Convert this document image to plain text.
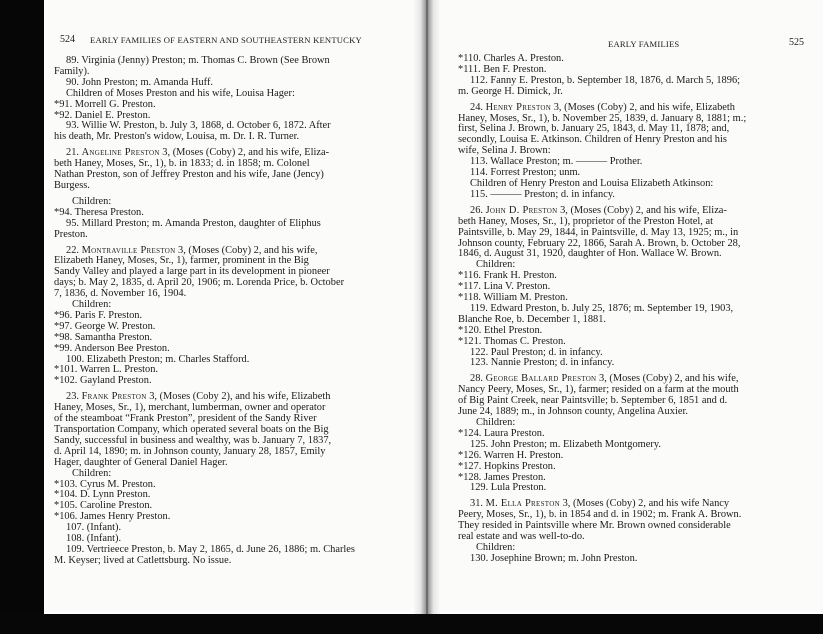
524 EARLY FAMILIES OF EASTERN AND SOUTHEASTERN KENTUCKY

89. Virginia (Jenny) Preston; m. Thomas C. Brown (See Brown

Family).

90. John Preston; m. Amanda Huff.

Children of Moses Preston and his wife, Louisa Hager:

*91. Morrell G. Preston.

*92. Daniel E. Preston.

93. Willie W. Preston, b. July 3, 1868, d. October 6, 1872. After

his death, Mr. Preston's widow, Louisa, m. Dr. I. R. Turner.

21. Angeline Preston 3, (Moses (Coby) 2, and his wife, Eliza-

beth Haney, Moses, Sr., 1), b. in 1833; d. in 1858; m. Colonel

Nathan Preston, son of Jeffrey Preston and his wife, Jane (Jency)

Burgess.

Children:

*94. Theresa Preston.

95. Millard Preston; m. Amanda Preston, daughter of Eliphus

Preston.

22. Montraville Preston 3, (Moses (Coby) 2, and his wife,

Elizabeth Haney, Moses, Sr., 1), farmer, prominent in the Big

Sandy Valley and played a large part in its development in pioneer

days; b. May 2, 1835, d. April 20, 1906; m. Lorenda Price, b. October

7, 1836, d. November 16, 1904.

Children:

*96. Paris F. Preston.

*97. George W. Preston.

*98. Samantha Preston.

*99. Anderson Bee Preston.

100. Elizabeth Preston; m. Charles Stafford.

*101. Warren L. Preston.

*102. Gayland Preston.

23. Frank Preston 3, (Moses (Coby 2), and his wife, Elizabeth

Haney, Moses, Sr., 1), merchant, lumberman, owner and operator

of the steamboat “Frank Preston”, president of the Sandy River

Transportation Company, which operated several boats on the Big

Sandy, successful in business and wealthy, was b. January 7, 1837,

d. April 14, 1890; m. in Johnson county, January 28, 1857, Emily

Hager, daughter of General Daniel Hager.

Children:

*103. Cyrus M. Preston.

*104. D. Lynn Preston.

*105. Caroline Preston.

*106. James Henry Preston.

107. (Infant).

108. (Infant).

109. Vertrieece Preston, b. May 2, 1865, d. June 26, 1886; m. Charles

M. Keyser; lived at Catlettsburg. No issue.

EARLY FAMILIES	525

*110. Charles A. Preston.

*111. Ben F. Preston.

112. Fanny E. Preston, b. September 18, 1876, d. March 5, 1896;

m. George H. Dimick, Jr.

24. Henry Preston 3, (Moses (Coby) 2, and his wife, Elizabeth

Haney, Moses, Sr., 1), b. November 25, 1839, d. January 8, 1881; m.;

first, Selina J. Brown, b. January 25, 1843, d. May 11, 1878; and,

secondly, Louisa E. Atkinson. Children of Henry Preston and his

wife, Selina J. Brown:

113. Wallace Preston; m. ——— Prother.

114. Forrest Preston; unm.

Children of Henry Preston and Louisa Elizabeth Atkinson:

115. ——— Preston; d. in infancy.

26. John D. Preston 3, (Moses (Coby) 2, and his wife, Eliza-

beth Haney, Moses, Sr., 1), proprietor of the Preston Hotel, at

Paintsville, b. May 29, 1844, in Paintsville, d. May 13, 1925; m., in

Johnson county, February 22, 1866, Sarah A. Brown, b. October 28,

1846, d. August 31, 1920, daughter of Hon. Wallace W. Brown.

Children:

*116. Frank H. Preston.

*117. Lina V. Preston.

*118. William M. Preston.

119. Edward Preston, b. July 25, 1876; m. September 19, 1903,

Blanche Roe, b. December 1, 1881.

*120. Ethel Preston.

*121. Thomas C. Preston.

122. Paul Preston; d. in infancy.

123. Nannie Preston; d. in infancy.

28. George Ballard Preston 3, (Moses (Coby) 2, and his wife,

Nancy Peery, Moses, Sr., 1), farmer; resided on a farm at the mouth

of Big Paint Creek, near Paintsville; b. September 6, 1851 and d.

June 24, 1889; m., in Johnson county, Angelina Auxier.

Children:

*124. Laura Preston.

125. John Preston; m. Elizabeth Montgomery.

*126. Warren H. Preston.

*127. Hopkins Preston.

*128. James Preston.

129. Lula Preston.

31. M. Ella Preston 3, (Moses (Coby) 2, and his wife Nancy

Peery, Moses, Sr., 1), b. in 1854 and d. in 1902; m. Frank A. Brown.

They resided in Paintsville where Mr. Brown owned considerable

real estate and was well-to-do.

Children:

130. Josephine Brown; m. John Preston.
